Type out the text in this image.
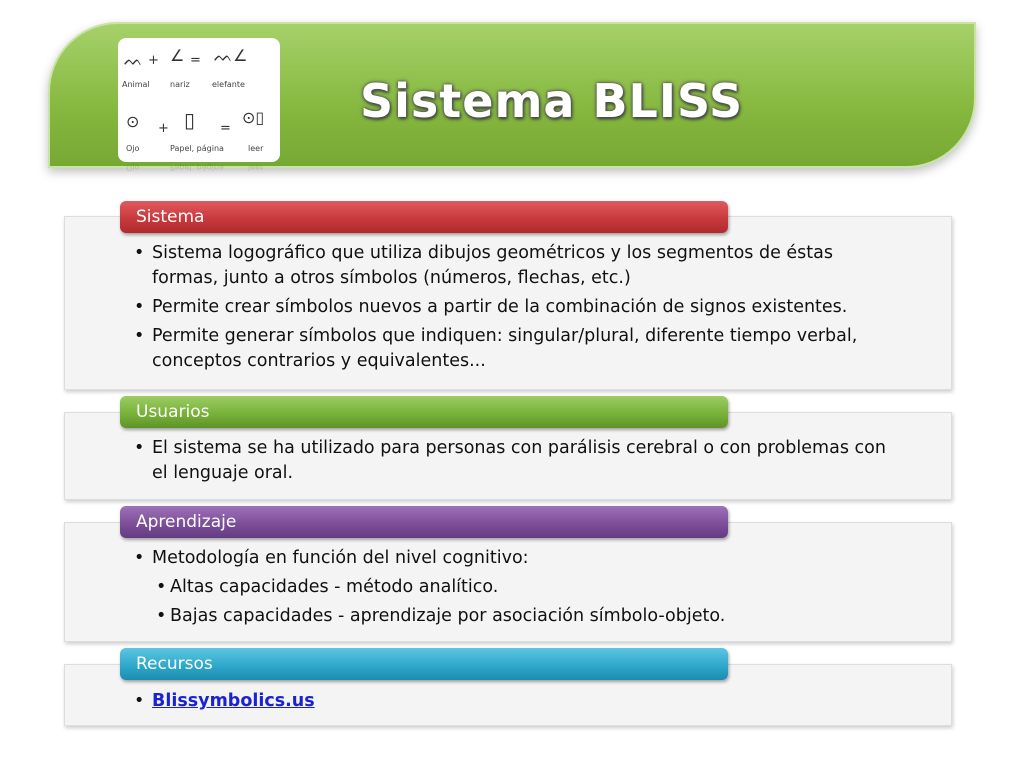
Sistema BLISS
ᨓ + ∠ = ᨓ∠
Animal	nariz	elefante
⊙ + ▯ =
⊙▯
Ojo	Papel, página	leer
Ojo	Papel, página	leer
Sistema
• Sistema logográfico que utiliza dibujos geométricos y los segmentos de éstas formas, junto a otros símbolos (números, flechas, etc.)
• Permite crear símbolos nuevos a partir de la combinación de signos existentes.
• Permite generar símbolos que indiquen: singular/plural, diferente tiempo verbal, conceptos contrarios y equivalentes...
Usuarios
• El sistema se ha utilizado para personas con parálisis cerebral o con problemas con el lenguaje oral.
Aprendizaje
• Metodología en función del nivel cognitivo:
• Altas capacidades - método analítico.
• Bajas capacidades - aprendizaje por asociación símbolo-objeto.
Recursos
• Blissymbolics.us
